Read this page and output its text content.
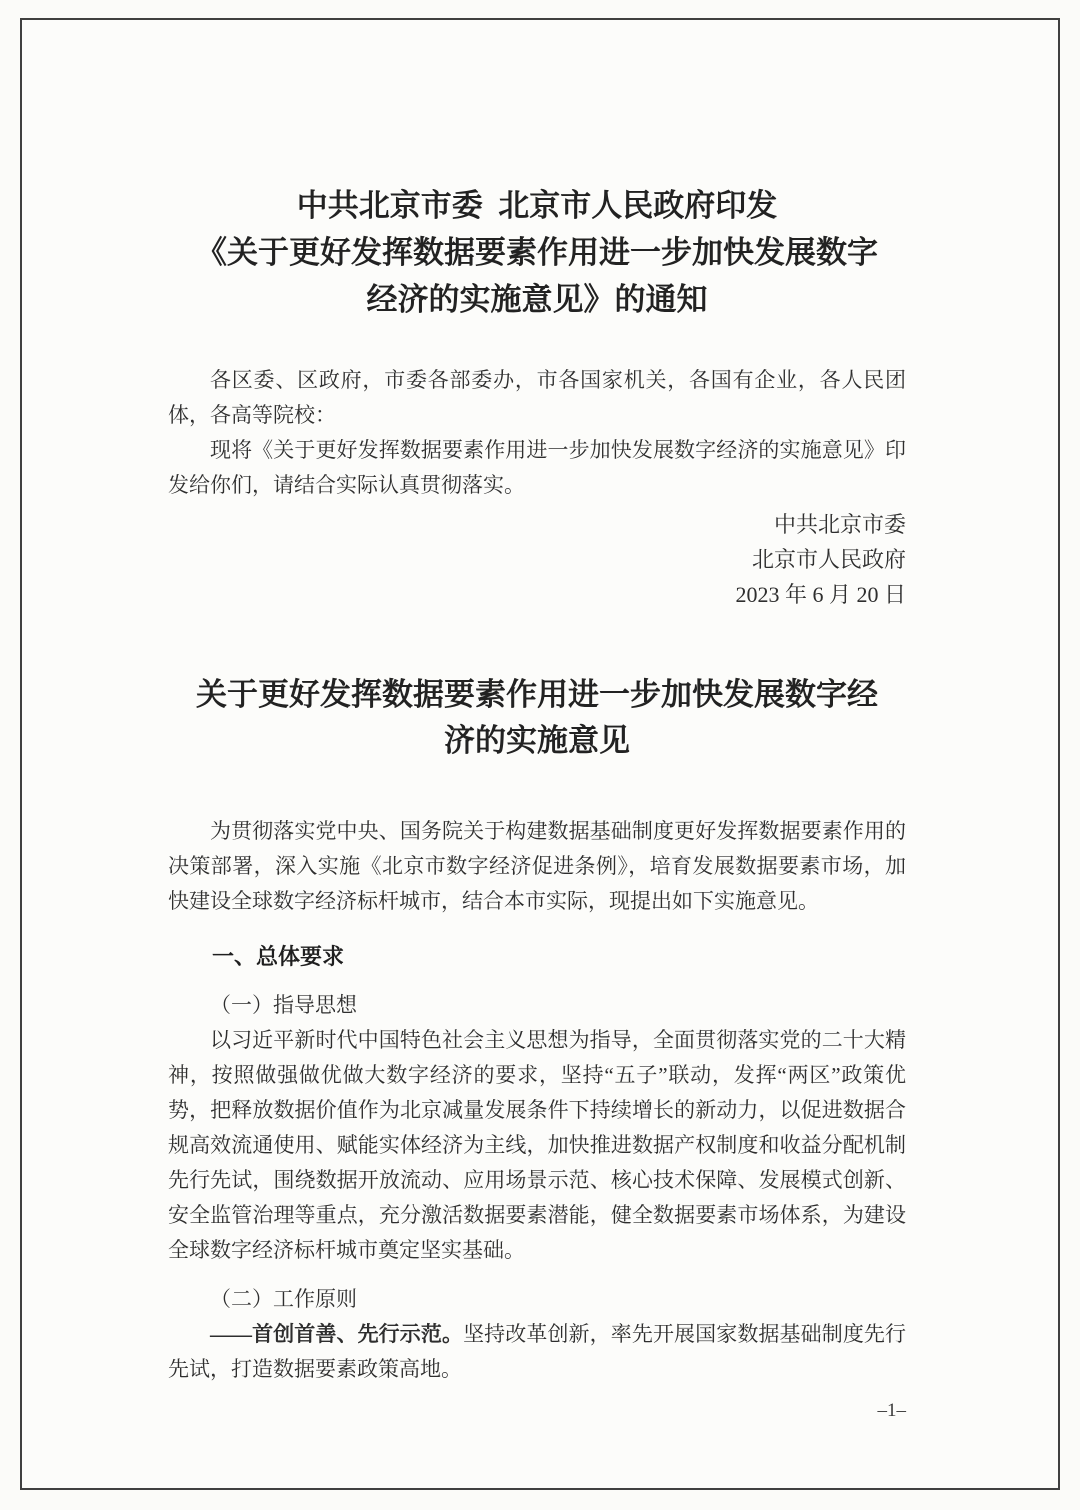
中共北京市委 北京市人民政府印发
《关于更好发挥数据要素作用进一步加快发展数字
经济的实施意见》的通知

各区委、区政府，市委各部委办，市各国家机关，各国有企业，各人民团体，各高等院校：

现将《关于更好发挥数据要素作用进一步加快发展数字经济的实施意见》印发给你们，请结合实际认真贯彻落实。

中共北京市委
北京市人民政府
2023 年 6 月 20 日
关于更好发挥数据要素作用进一步加快发展数字经
济的实施意见

为贯彻落实党中央、国务院关于构建数据基础制度更好发挥数据要素作用的决策部署，深入实施《北京市数字经济促进条例》，培育发展数据要素市场，加快建设全球数字经济标杆城市，结合本市实际，现提出如下实施意见。

一、总体要求

（一）指导思想

以习近平新时代中国特色社会主义思想为指导，全面贯彻落实党的二十大精神，按照做强做优做大数字经济的要求，坚持“五子”联动，发挥“两区”政策优势，把释放数据价值作为北京减量发展条件下持续增长的新动力，以促进数据合规高效流通使用、赋能实体经济为主线，加快推进数据产权制度和收益分配机制先行先试，围绕数据开放流动、应用场景示范、核心技术保障、发展模式创新、安全监管治理等重点，充分激活数据要素潜能，健全数据要素市场体系，为建设全球数字经济标杆城市奠定坚实基础。

（二）工作原则

——首创首善、先行示范。坚持改革创新，率先开展国家数据基础制度先行先试，打造数据要素政策高地。

–1–
